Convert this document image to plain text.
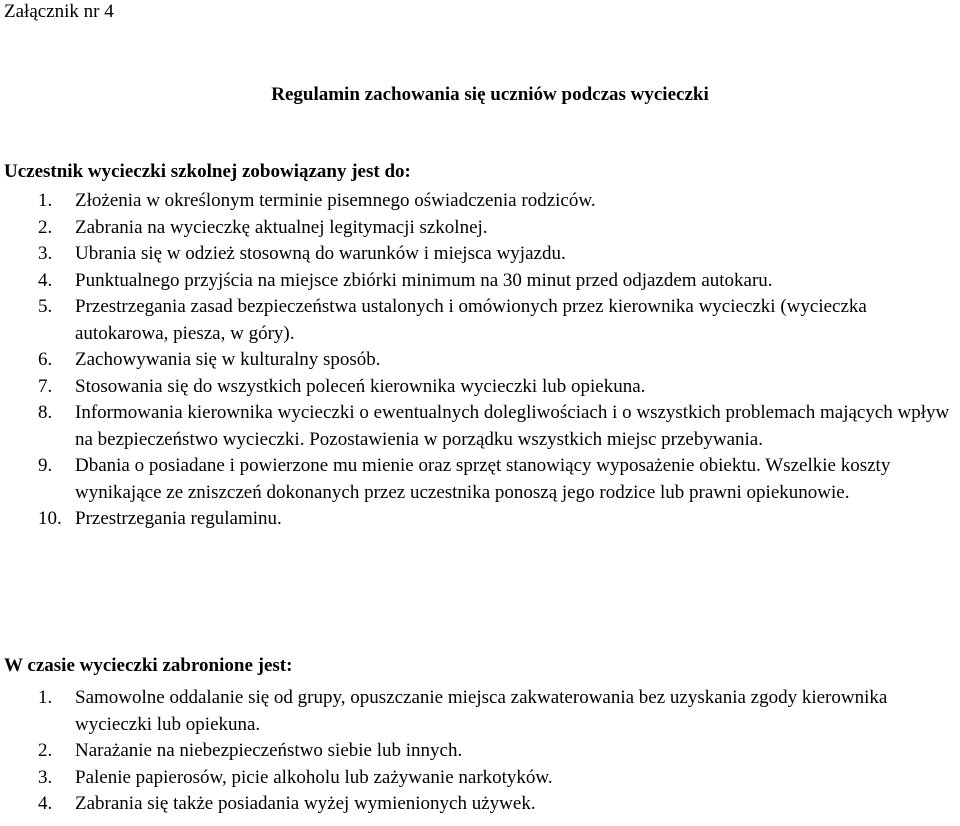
Załącznik nr 4
Regulamin zachowania się uczniów podczas wycieczki
Uczestnik wycieczki szkolnej zobowiązany jest do:
1. Złożenia w określonym terminie pisemnego oświadczenia rodziców.
2. Zabrania na wycieczkę aktualnej legitymacji szkolnej.
3. Ubrania się w odzież stosowną do warunków i miejsca wyjazdu.
4. Punktualnego przyjścia na miejsce zbiórki minimum na 30 minut przed odjazdem autokaru.
5. Przestrzegania zasad bezpieczeństwa ustalonych i omówionych przez kierownika wycieczki (wycieczka autokarowa, piesza, w góry).
6. Zachowywania się w kulturalny sposób.
7. Stosowania się do wszystkich poleceń kierownika wycieczki lub opiekuna.
8. Informowania kierownika wycieczki o ewentualnych dolegliwościach i o wszystkich problemach mających wpływ na bezpieczeństwo wycieczki. Pozostawienia w porządku wszystkich miejsc przebywania.
9. Dbania o posiadane i powierzone mu mienie oraz sprzęt stanowiący wyposażenie obiektu. Wszelkie koszty wynikające ze zniszczeń dokonanych przez uczestnika ponoszą jego rodzice lub prawni opiekunowie.
10. Przestrzegania regulaminu.
W czasie wycieczki zabronione jest:
1. Samowolne oddalanie się od grupy, opuszczanie miejsca zakwaterowania bez uzyskania zgody kierownika wycieczki lub opiekuna.
2. Narażanie na niebezpieczeństwo siebie lub innych.
3. Palenie papierosów, picie alkoholu lub zażywanie narkotyków.
4. Zabrania się także posiadania wyżej wymienionych używek.
